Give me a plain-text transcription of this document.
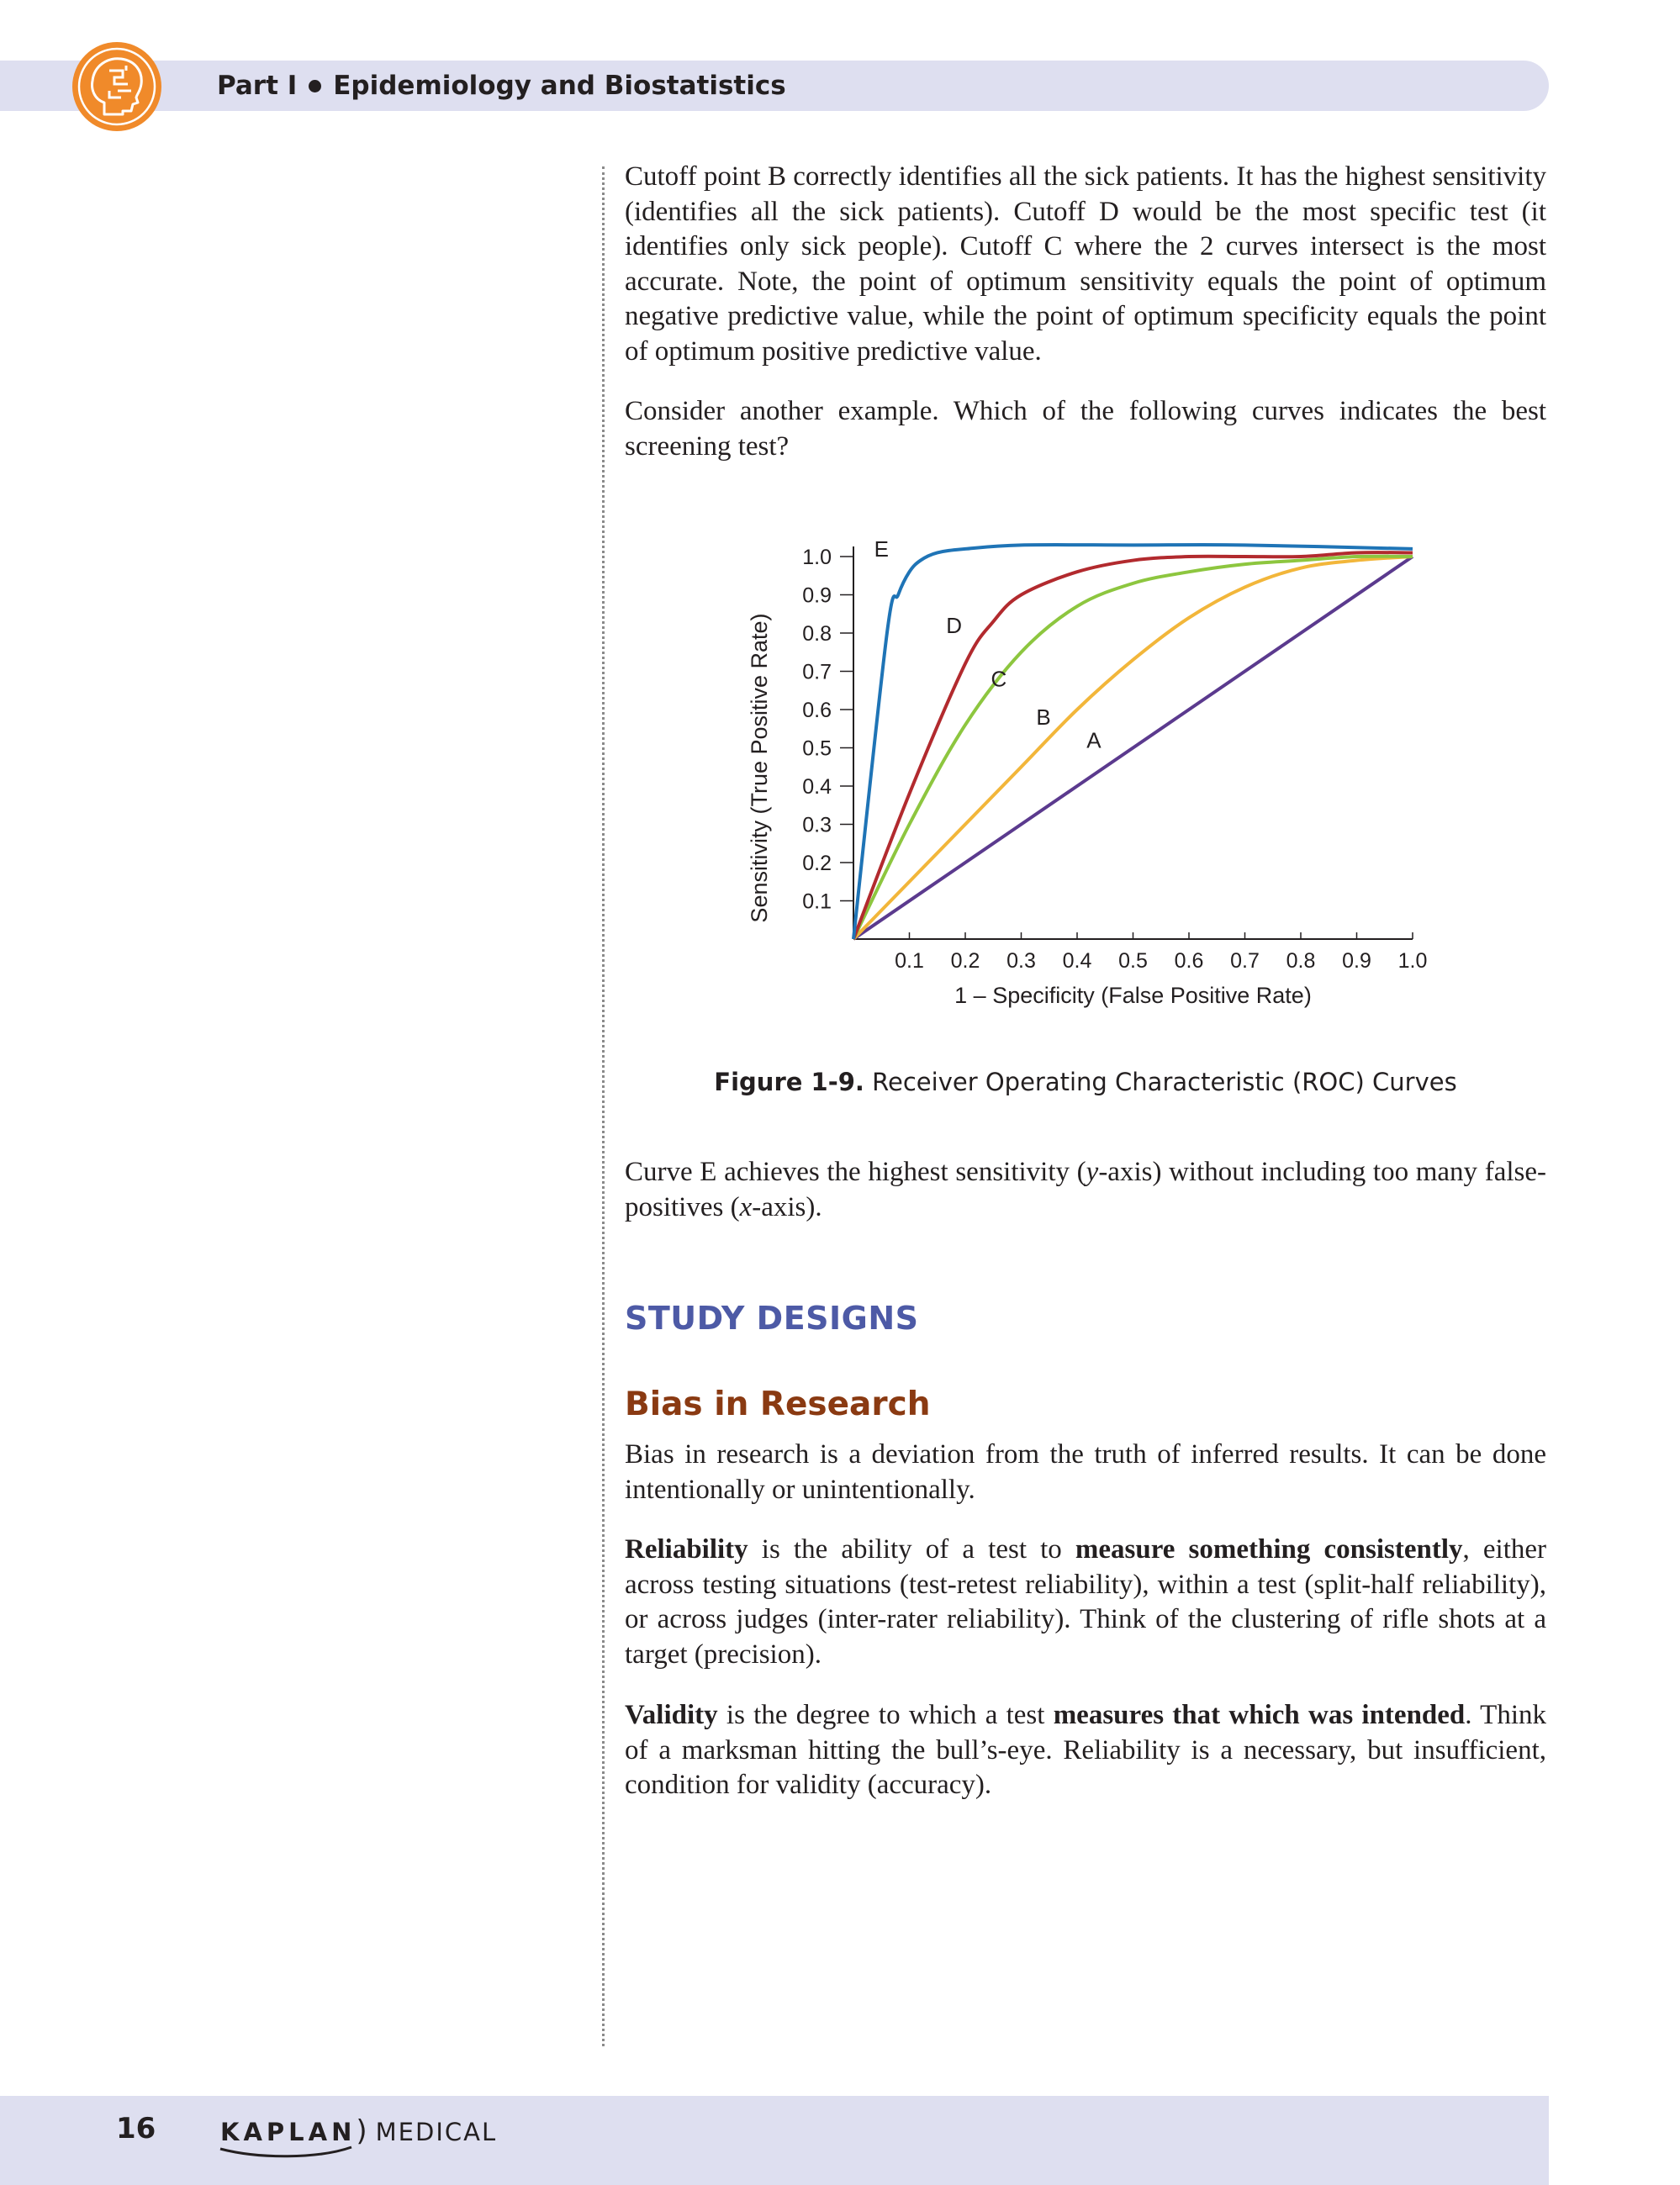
Part I Epidemiology and Biostatistics

Cutoff point B correctly identifies all the sick patients. It has the highest sensitivity (identifies all the sick patients). Cutoff D would be the most specific test (it identifies only sick people). Cutoff C where the 2 curves intersect is the most accurate. Note, the point of optimum sensitivity equals the point of optimum negative predictive value, while the point of optimum specificity equals the point of optimum positive predictive value.

Consider another example. Which of the following curves indicates the best screening test?

0.1 0.2 0.3 0.4 0.5 0.6 0.7 0.8 0.9 1.0
0.1
0.2
0.3
0.4
0.5
0.6
0.7
0.8
0.9
1.0
1 – Specificity (False Positive Rate)
Sensitivity (True Positive Rate)	A
B
C
D
E
Figure 1-9. Receiver Operating Characteristic (ROC) Curves

Curve E achieves the highest sensitivity (y-axis) without including too many false-positives (x-axis).

STUDY DESIGNS
Bias in Research

Bias in research is a deviation from the truth of inferred results. It can be done intentionally or unintentionally.

Reliability is the ability of a test to measure something consistently, either across testing situations (test-retest reliability), within a test (split-half reliability), or across judges (inter-rater reliability). Think of the clustering of rifle shots at a target (precision).

Validity is the degree to which a test measures that which was intended. Think of a marksman hitting the bull’s-eye. Reliability is a necessary, but insufficient, condition for validity (accuracy).

16	KAPLAN) MEDICAL
